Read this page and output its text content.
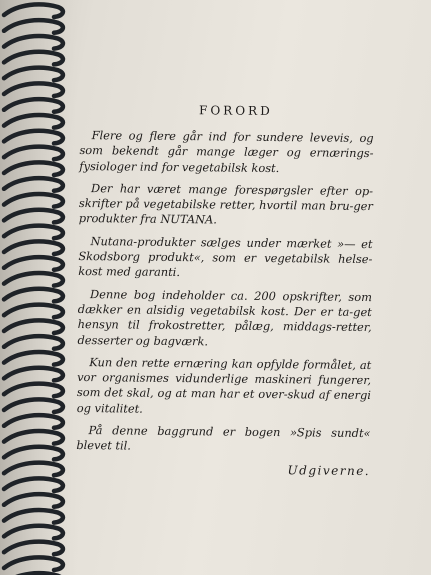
FORORD

Flere og flere går ind for sundere levevis, og som bekendt går mange læger og ernærings-fysiologer ind for vegetabilsk kost.

Der har været mange forespørgsler efter op-skrifter på vegetabilske retter, hvortil man bru-ger produkter fra NUTANA.

Nutana-produkter sælges under mærket »— et Skodsborg produkt«, som er vegetabilsk helse-kost med garanti.

Denne bog indeholder ca. 200 opskrifter, som dækker en alsidig vegetabilsk kost. Der er ta-get hensyn til frokostretter, pålæg, middags-retter, desserter og bagværk.

Kun den rette ernæring kan opfylde formålet, at vor organismes vidunderlige maskineri fungerer, som det skal, og at man har et over-skud af energi og vitalitet.

På denne baggrund er bogen »Spis sundt« blevet til.

Udgiverne.
